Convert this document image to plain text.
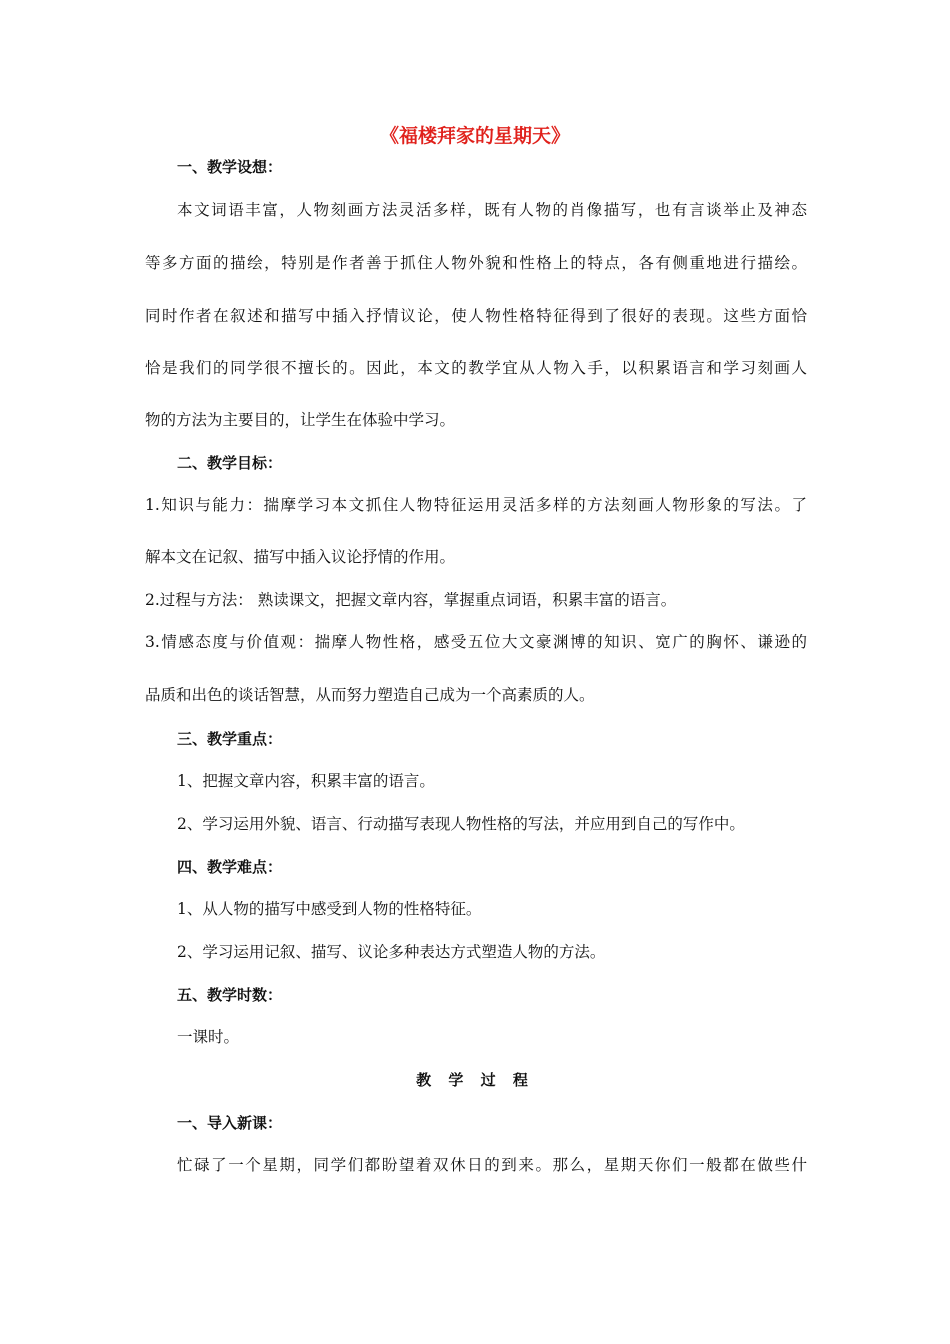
《福楼拜家的星期天》
一、教学设想：
本文词语丰富，人物刻画方法灵活多样，既有人物的肖像描写，也有言谈举止及神态
等多方面的描绘，特别是作者善于抓住人物外貌和性格上的特点，各有侧重地进行描绘。
同时作者在叙述和描写中插入抒情议论，使人物性格特征得到了很好的表现。这些方面恰
恰是我们的同学很不擅长的。因此，本文的教学宜从人物入手，以积累语言和学习刻画人
物的方法为主要目的，让学生在体验中学习。
二、教学目标：
1.知识与能力：揣摩学习本文抓住人物特征运用灵活多样的方法刻画人物形象的写法。了
解本文在记叙、描写中插入议论抒情的作用。
2.过程与方法： 熟读课文，把握文章内容，掌握重点词语，积累丰富的语言。
3.情感态度与价值观：揣摩人物性格，感受五位大文豪渊博的知识、宽广的胸怀、谦逊的
品质和出色的谈话智慧，从而努力塑造自己成为一个高素质的人。
三、教学重点：
1、把握文章内容，积累丰富的语言。
2、学习运用外貌、语言、行动描写表现人物性格的写法，并应用到自己的写作中。
四、教学难点：
1、从人物的描写中感受到人物的性格特征。
2、学习运用记叙、描写、议论多种表达方式塑造人物的方法。
五、教学时数：
一课时。
教 学 过 程
一、导入新课：
忙碌了一个星期，同学们都盼望着双休日的到来。那么，星期天你们一般都在做些什
